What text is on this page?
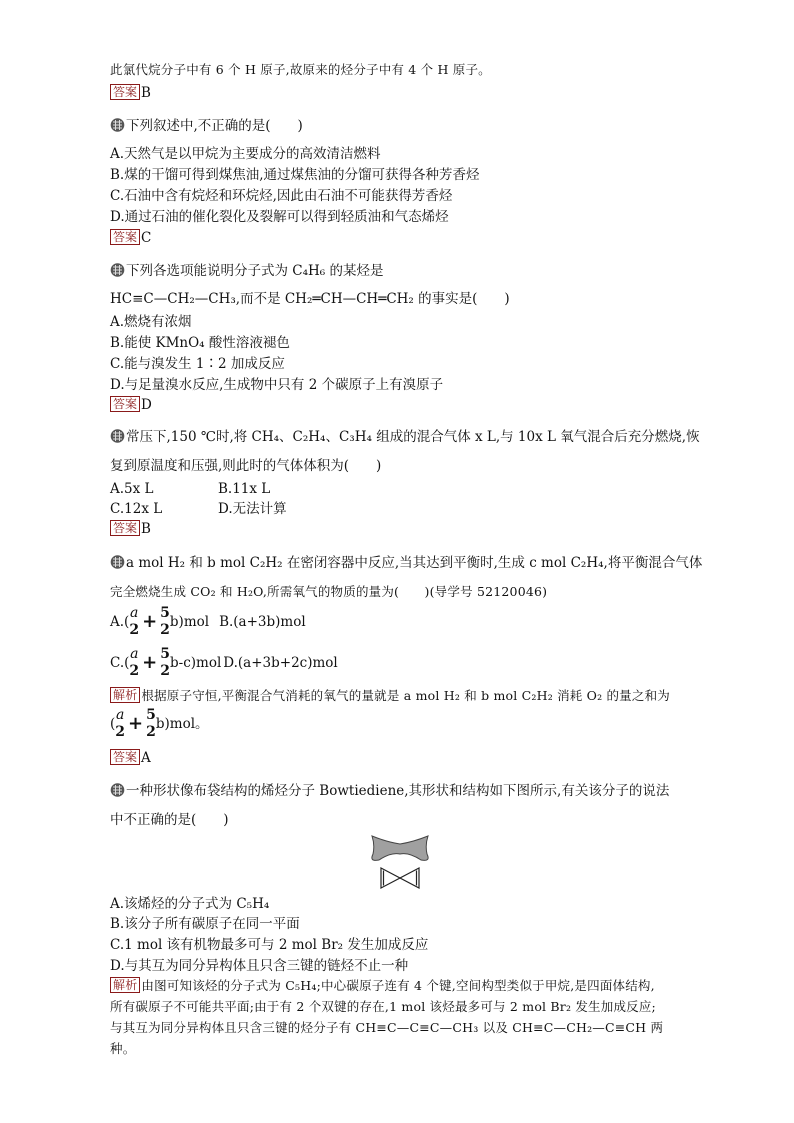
此氯代烷分子中有 6 个 H 原子,故原来的烃分子中有 4 个 H 原子。
答案 B
下列叙述中,不正确的是(　　)
A.天然气是以甲烷为主要成分的高效清洁燃料
B.煤的干馏可得到煤焦油,通过煤焦油的分馏可获得各种芳香烃
C.石油中含有烷烃和环烷烃,因此由石油不可能获得芳香烃
D.通过石油的催化裂化及裂解可以得到轻质油和气态烯烃
答案 C
下列各选项能说明分子式为 C₄H₆ 的某烃是
HC≡C—CH₂—CH₃,而不是 CH₂═CH—CH═CH₂ 的事实是(　　)
A.燃烧有浓烟
B.能使 KMnO₄ 酸性溶液褪色
C.能与溴发生 1∶2 加成反应
D.与足量溴水反应,生成物中只有 2 个碳原子上有溴原子
答案 D
常压下,150 ℃时,将 CH₄、C₂H₄、C₃H₄ 组成的混合气体 x L,与 10x L 氧气混合后充分燃烧,恢
复到原温度和压强,则此时的气体体积为(　　)
A.5x L	B.11x L
C.12x L	D.无法计算
答案 B
a mol H₂ 和 b mol C₂H₂ 在密闭容器中反应,当其达到平衡时,生成 c mol C₂H₄,将平衡混合气体
完全燃烧生成 CO₂ 和 H₂O,所需氧气的物质的量为(　　)(导学号 52120046)
A.(
a
2 + 5
2 b)mol B.(a+3b)mol
C.(
a
2 + 5
2 b-c)mol D.(a+3b+2c)mol
解析 根据原子守恒,平衡混合气消耗的氧气的量就是 a mol H₂ 和 b mol C₂H₂ 消耗 O₂ 的量之和为
(
a
2 + 5
2 b)mol。
答案 A
一种形状像布袋结构的烯烃分子 Bowtiediene,其形状和结构如下图所示,有关该分子的说法
中不正确的是(　　)
A.该烯烃的分子式为 C₅H₄
B.该分子所有碳原子在同一平面
C.1 mol 该有机物最多可与 2 mol Br₂ 发生加成反应
D.与其互为同分异构体且只含三键的链烃不止一种
解析 由图可知该烃的分子式为 C₅H₄;中心碳原子连有 4 个键,空间构型类似于甲烷,是四面体结构,
所有碳原子不可能共平面;由于有 2 个双键的存在,1 mol 该烃最多可与 2 mol Br₂ 发生加成反应;
与其互为同分异构体且只含三键的烃分子有 CH≡C—C≡C—CH₃ 以及 CH≡C—CH₂—C≡CH 两
种。
